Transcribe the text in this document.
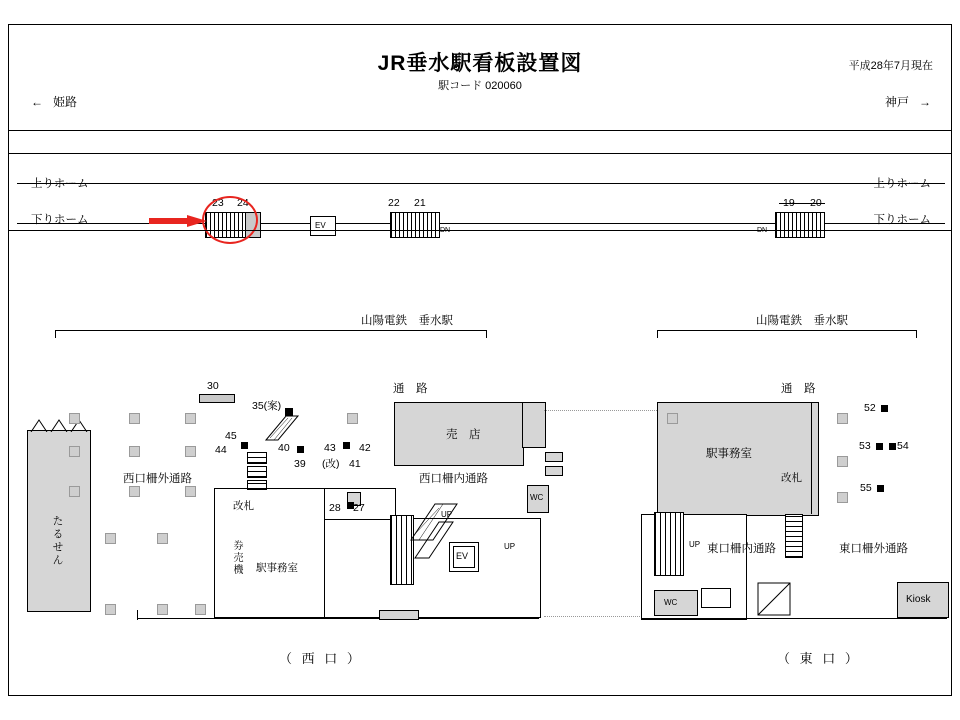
JR垂水駅看板設置図
駅コード 020060
平成28年7月現在
← 姫路	神戸 →
上りホーム
下りホーム
上りホーム
下りホーム
23 24
EV
22 21
DN
19 20
DN
山陽電鉄　垂水駅	山陽電鉄　垂水駅
通　路	通　路
たるせん
売　店
改札
券売機	駅事務室
西口柵外通路	西口柵内通路
UP
EV
UP
WC
駅事務室
改札
UP
WC
東口柵内通路	東口柵外通路
Kiosk
30
35(案)
45
44	40
39
43
(改)
42
41
28 27
52
53	54
55
（ 西 口 ）	（ 東 口 ）
